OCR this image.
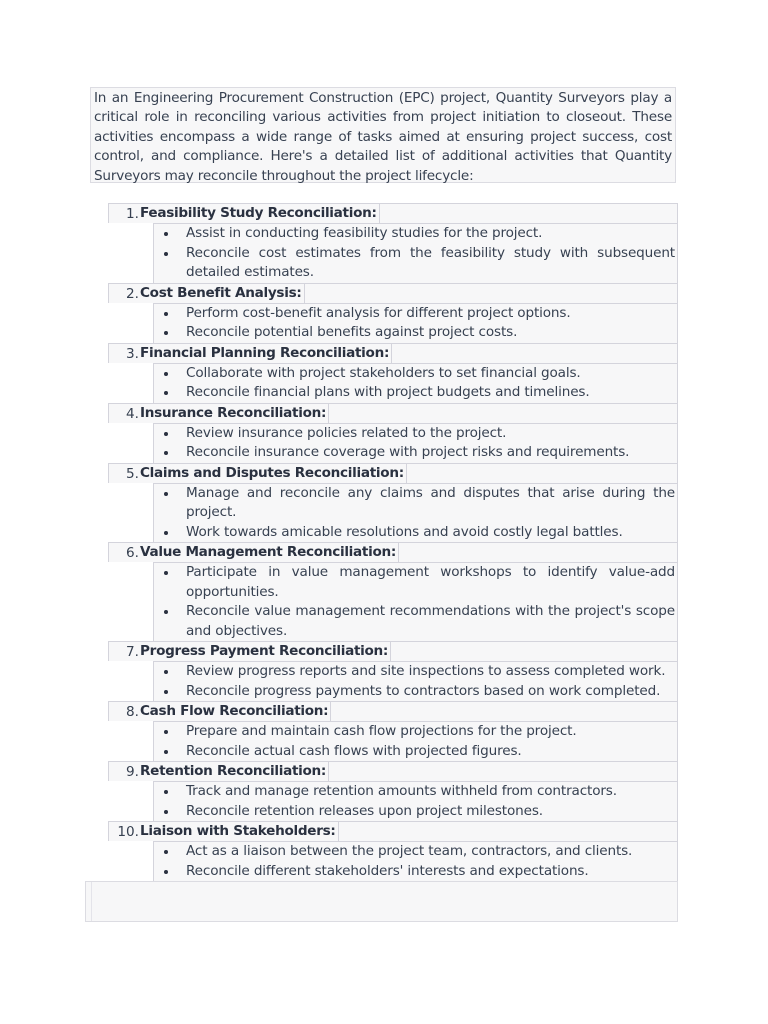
In an Engineering Procurement Construction (EPC) project, Quantity Surveyors play a critical role in reconciling various activities from project initiation to closeout. These activities encompass a wide range of tasks aimed at ensuring project success, cost control, and compliance. Here's a detailed list of additional activities that Quantity Surveyors may reconcile throughout the project lifecycle:
1. Feasibility Study Reconciliation:
Assist in conducting feasibility studies for the project.
Reconcile cost estimates from the feasibility study with subsequent detailed estimates.
2. Cost Benefit Analysis:
Perform cost-benefit analysis for different project options.
Reconcile potential benefits against project costs.
3. Financial Planning Reconciliation:
Collaborate with project stakeholders to set financial goals.
Reconcile financial plans with project budgets and timelines.
4. Insurance Reconciliation:
Review insurance policies related to the project.
Reconcile insurance coverage with project risks and requirements.
5. Claims and Disputes Reconciliation:
Manage and reconcile any claims and disputes that arise during the project.
Work towards amicable resolutions and avoid costly legal battles.
6. Value Management Reconciliation:
Participate in value management workshops to identify value-add opportunities.
Reconcile value management recommendations with the project's scope and objectives.
7. Progress Payment Reconciliation:
Review progress reports and site inspections to assess completed work.
Reconcile progress payments to contractors based on work completed.
8. Cash Flow Reconciliation:
Prepare and maintain cash flow projections for the project.
Reconcile actual cash flows with projected figures.
9. Retention Reconciliation:
Track and manage retention amounts withheld from contractors.
Reconcile retention releases upon project milestones.
10. Liaison with Stakeholders:
Act as a liaison between the project team, contractors, and clients.
Reconcile different stakeholders' interests and expectations.
